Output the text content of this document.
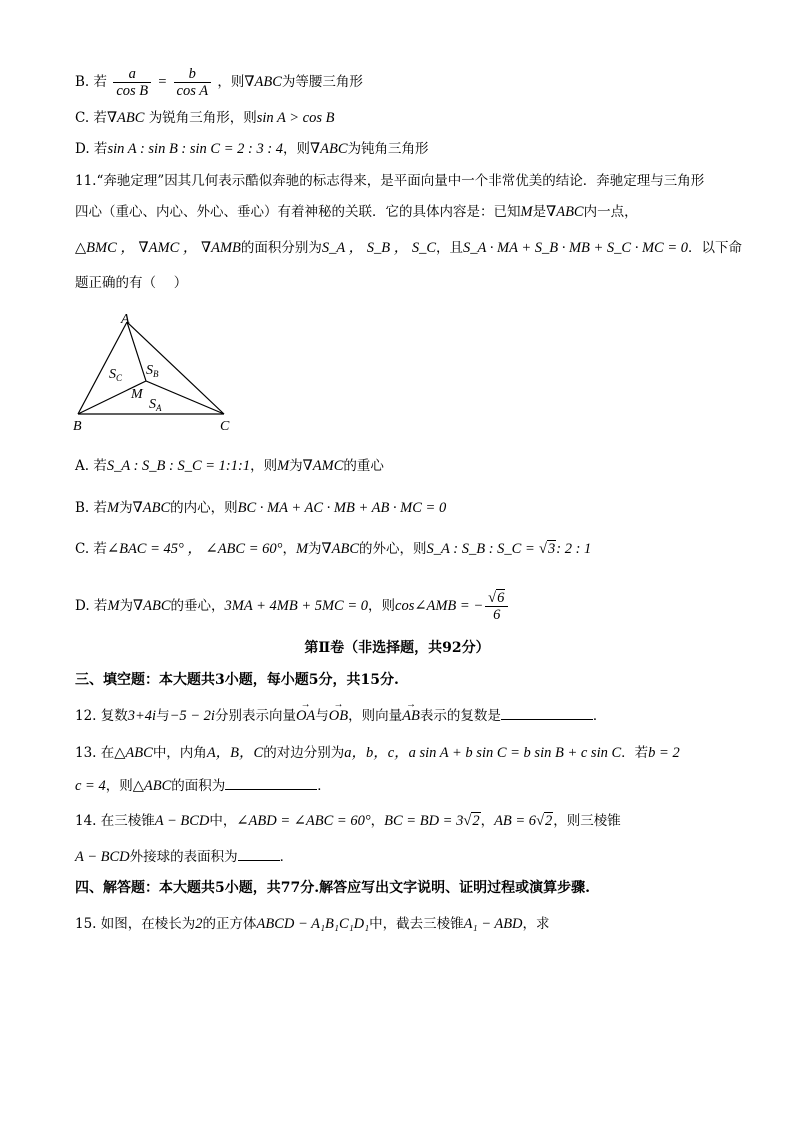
B. 若 $\frac{a}{\text{cos B}} = \frac{b}{\text{cos A}}$ ，则∇ABC为等腰三角形
C. 若∇ABC 为锐角三角形，则sin A > cos B
D. 若sin A : sin B : sin C = 2 : 3 : 4，则∇ABC为钝角三角形
11.“奔驰定理”因其几何表示酷似奔驰的标志得来，是平面向量中一个非常优美的结论．奔驰定理与三角形
四心（重心、内心、外心、垂心）有着神秘的关联．它的具体内容是：已知M是∇ABC内一点，
△BMC ， ∇AMC ， ∇AMB的面积分别为S_A ， S_B ， S_C，且S_A · MA + S_B · MB + S_C · MC = 0．以下命
题正确的有（　 ）
A
B	C
M
$S_C$ $S_B$
$S_A$
A. 若S_A : S_B : S_C = 1:1:1，则M为∇AMC的重心
B. 若M为∇ABC的内心，则BC · MA + AC · MB + AB · MC = 0
C. 若∠BAC = 45° ， ∠ABC = 60°，M为∇ABC的外心，则S_A : S_B : S_C = √3: 2 : 1
D. 若M为∇ABC的垂心，3MA + 4MB + 5MC = 0，则cos∠AMB = − $\frac{√6}{6}$
第Ⅱ卷（非选择题，共92分）
三、填空题：本大题共3小题，每小题5分，共15分.
12. 复数3+4i与−5 − 2i分别表示向量→ OA与→ OB，则向量→ AB表示的复数是	．
13. 在△ABC中，内角A，B，C的对边分别为a，b，c，a sin A + b sin C = b sin B + c sin C．若b = 2
c = 4，则△ABC的面积为	．
14. 在三棱锥A − BCD中，∠ABD = ∠ABC = 60°，BC = BD = 3√2，AB = 6√2，则三棱锥
A − BCD外接球的表面积为	．
四、解答题：本大题共5小题，共77分.解答应写出文字说明、证明过程或演算步骤.
15. 如图，在棱长为2的正方体ABCD − A₁B₁C₁D₁中，截去三棱锥A₁ − ABD，求
